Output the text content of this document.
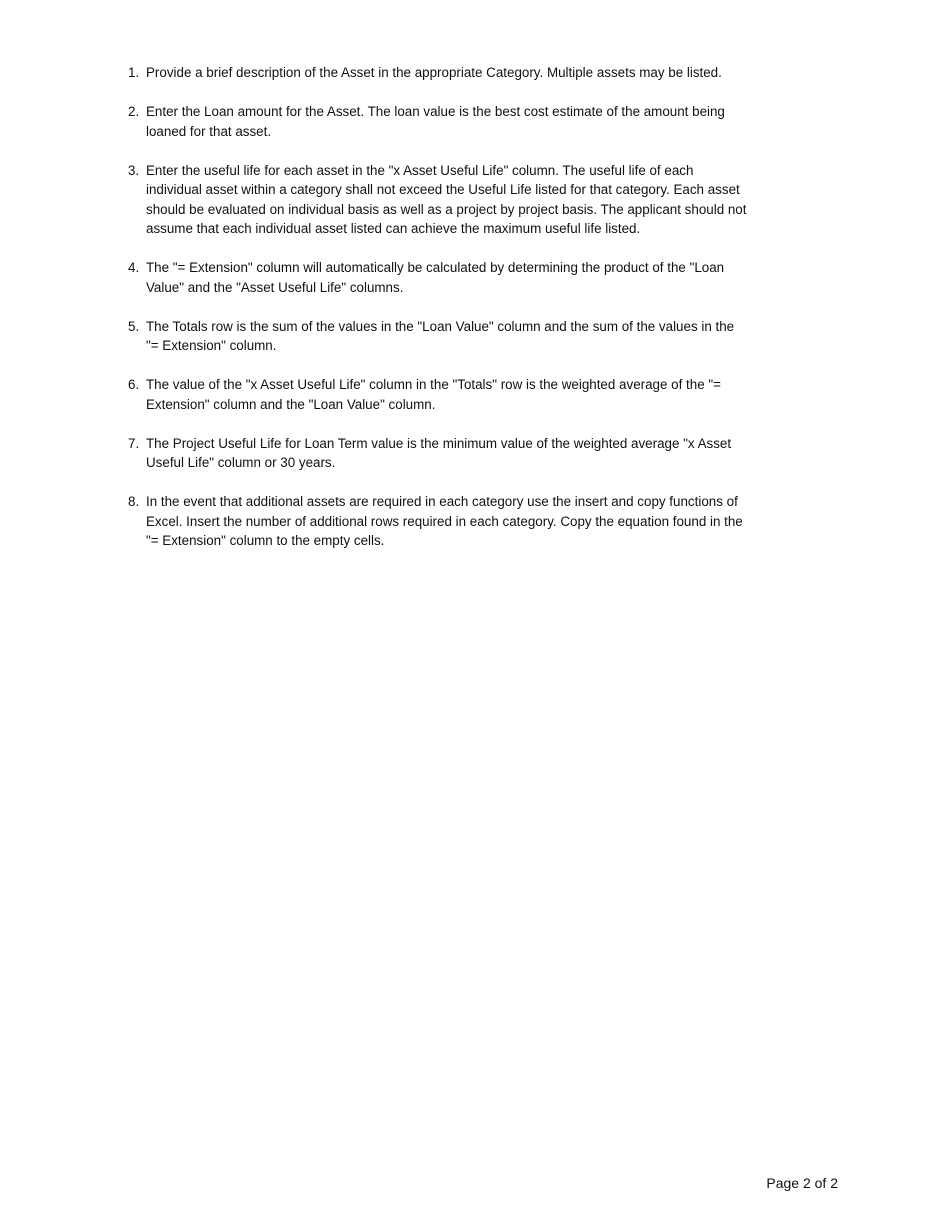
1. Provide a brief description of the Asset in the appropriate Category. Multiple assets may be listed.
2. Enter the Loan amount for the Asset. The loan value is the best cost estimate of the amount being loaned for that asset.
3. Enter the useful life for each asset in the "x Asset Useful Life" column. The useful life of each individual asset within a category shall not exceed the Useful Life listed for that category. Each asset should be evaluated on individual basis as well as a project by project basis. The applicant should not assume that each individual asset listed can achieve the maximum useful life listed.
4. The "= Extension" column will automatically be calculated by determining the product of the "Loan Value" and the "Asset Useful Life" columns.
5. The Totals row is the sum of the values in the "Loan Value" column and the sum of the values in the "= Extension" column.
6. The value of the "x Asset Useful Life" column in the "Totals" row is the weighted average of the "= Extension" column and the "Loan Value" column.
7. The Project Useful Life for Loan Term value is the minimum value of the weighted average "x Asset Useful Life" column or 30 years.
8. In the event that additional assets are required in each category use the insert and copy functions of Excel. Insert the number of additional rows required in each category. Copy the equation found in the "= Extension" column to the empty cells.
Page 2 of 2
